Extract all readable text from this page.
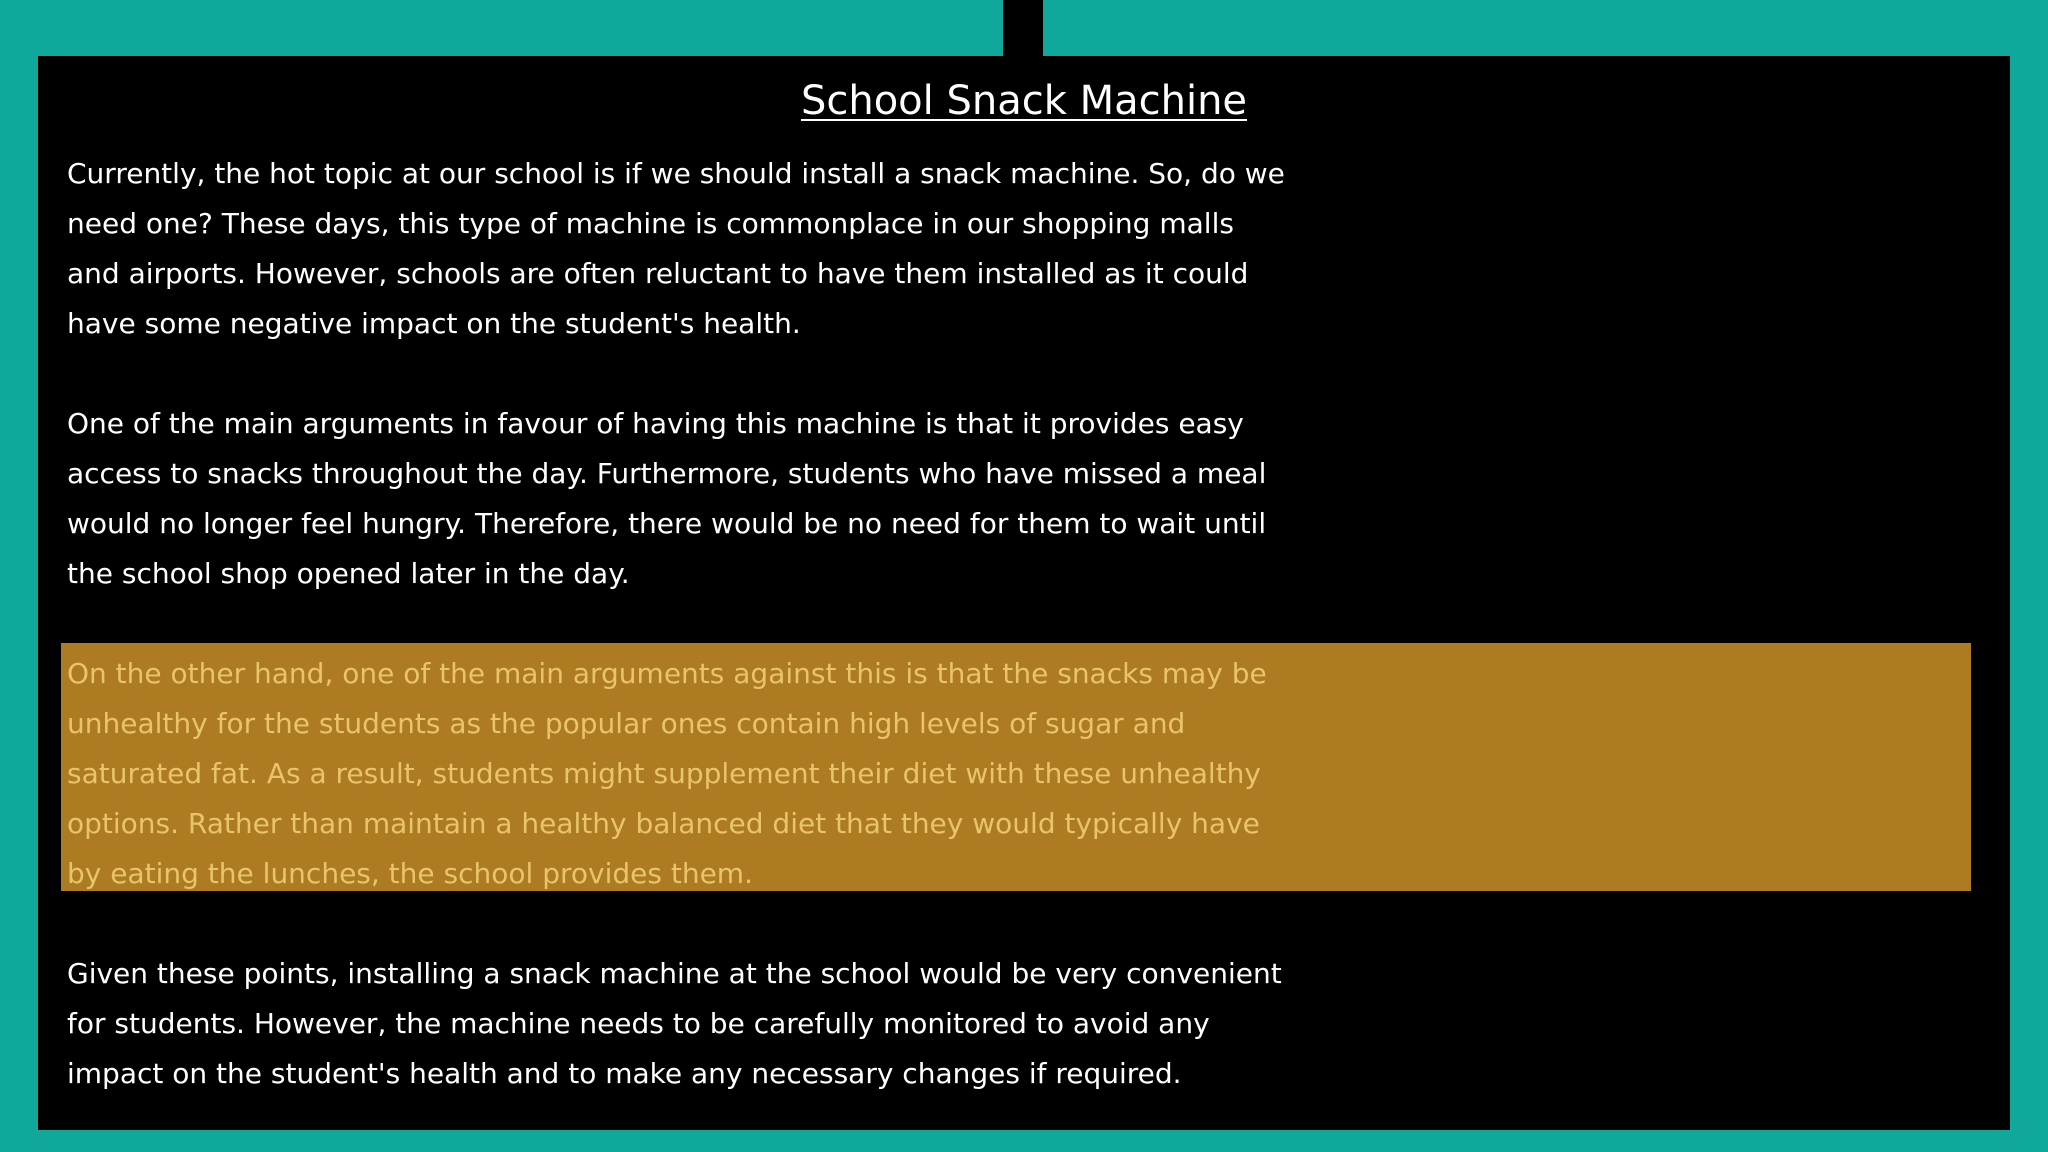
School Snack Machine

Currently, the hot topic at our school is if we should install a snack machine. So, do we
need one? These days, this type of machine is commonplace in our shopping malls
and airports. However, schools are often reluctant to have them installed as it could
have some negative impact on the student's health.

One of the main arguments in favour of having this machine is that it provides easy
access to snacks throughout the day. Furthermore, students who have missed a meal
would no longer feel hungry. Therefore, there would be no need for them to wait until
the school shop opened later in the day.

On the other hand, one of the main arguments against this is that the snacks may be
unhealthy for the students as the popular ones contain high levels of sugar and
saturated fat. As a result, students might supplement their diet with these unhealthy
options. Rather than maintain a healthy balanced diet that they would typically have
by eating the lunches, the school provides them.

Given these points, installing a snack machine at the school would be very convenient
for students. However, the machine needs to be carefully monitored to avoid any
impact on the student's health and to make any necessary changes if required.
